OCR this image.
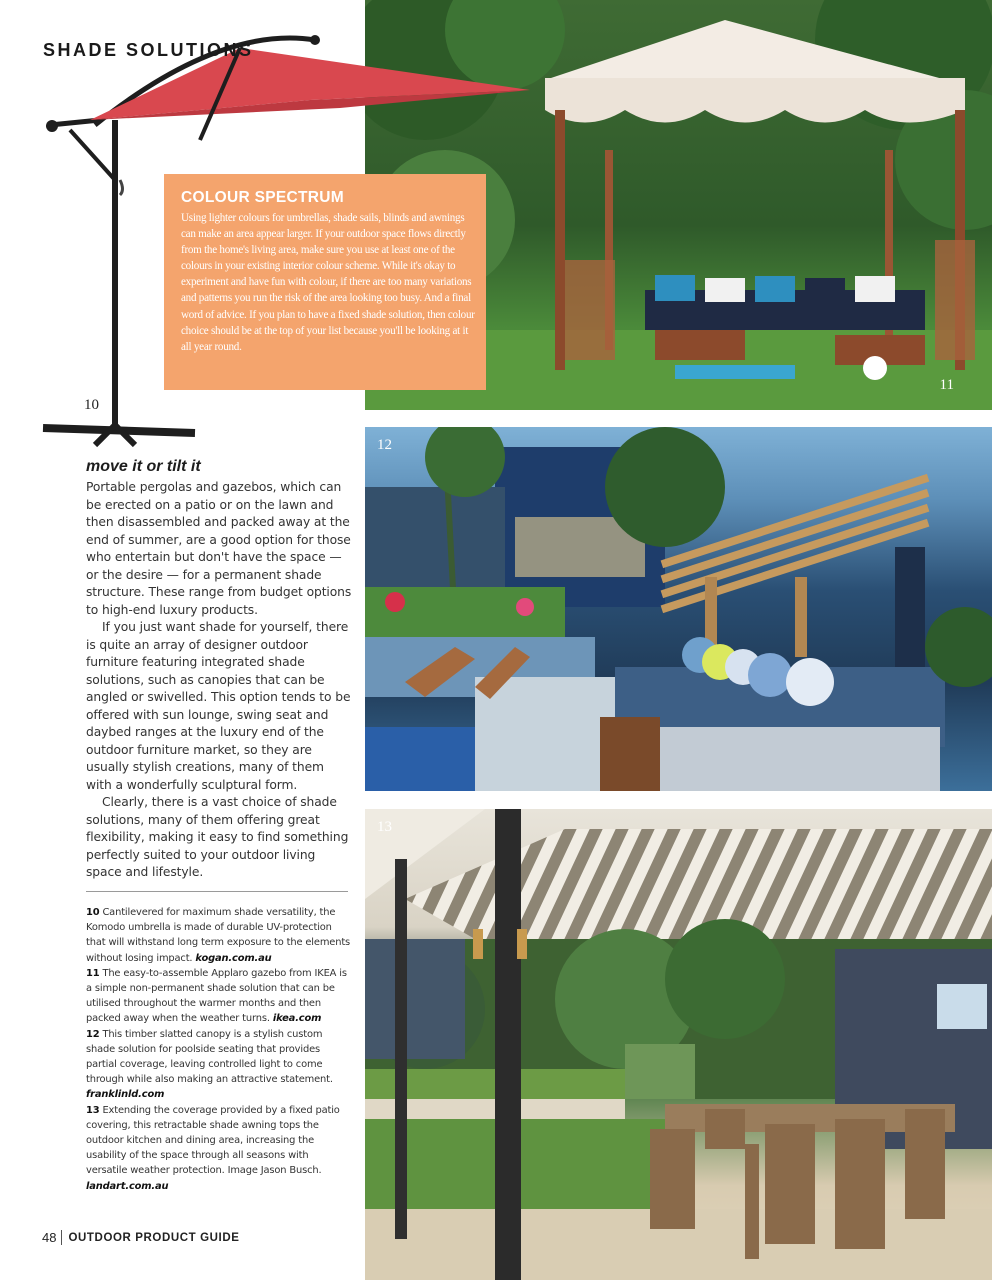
SHADE SOLUTIONS
11
12
13
10
COLOUR SPECTRUM

Using lighter colours for umbrellas, shade sails, blinds and awnings can make an area appear larger. If your outdoor space flows directly from the home's living area, make sure you use at least one of the colours in your existing interior colour scheme. While it's okay to experiment and have fun with colour, if there are too many variations and patterns you run the risk of the area looking too busy. And a final word of advice. If you plan to have a fixed shade solution, then colour choice should be at the top of your list because you'll be looking at it all year round.

move it or tilt it

Portable pergolas and gazebos, which can be erected on a patio or on the lawn and then disassembled and packed away at the end of summer, are a good option for those who entertain but don't have the space — or the desire — for a permanent shade structure. These range from budget options to high-end luxury products.

If you just want shade for yourself, there is quite an array of designer outdoor furniture featuring integrated shade solutions, such as canopies that can be angled or swivelled. This option tends to be offered with sun lounge, swing seat and daybed ranges at the luxury end of the outdoor furniture market, so they are usually stylish creations, many of them with a wonderfully sculptural form.

Clearly, there is a vast choice of shade solutions, many of them offering great flexibility, making it easy to find something perfectly suited to your outdoor living space and lifestyle.

10 Cantilevered for maximum shade versatility, the Komodo umbrella is made of durable UV-protection that will withstand long term exposure to the elements without losing impact. kogan.com.au

11 The easy-to-assemble Applaro gazebo from IKEA is a simple non-permanent shade solution that can be utilised throughout the warmer months and then packed away when the weather turns. ikea.com

12 This timber slatted canopy is a stylish custom shade solution for poolside seating that provides partial coverage, leaving controlled light to come through while also making an attractive statement. franklinld.com

13 Extending the coverage provided by a fixed patio covering, this retractable shade awning tops the outdoor kitchen and dining area, increasing the usability of the space through all seasons with versatile weather protection. Image Jason Busch. landart.com.au

48 OUTDOOR PRODUCT GUIDE
